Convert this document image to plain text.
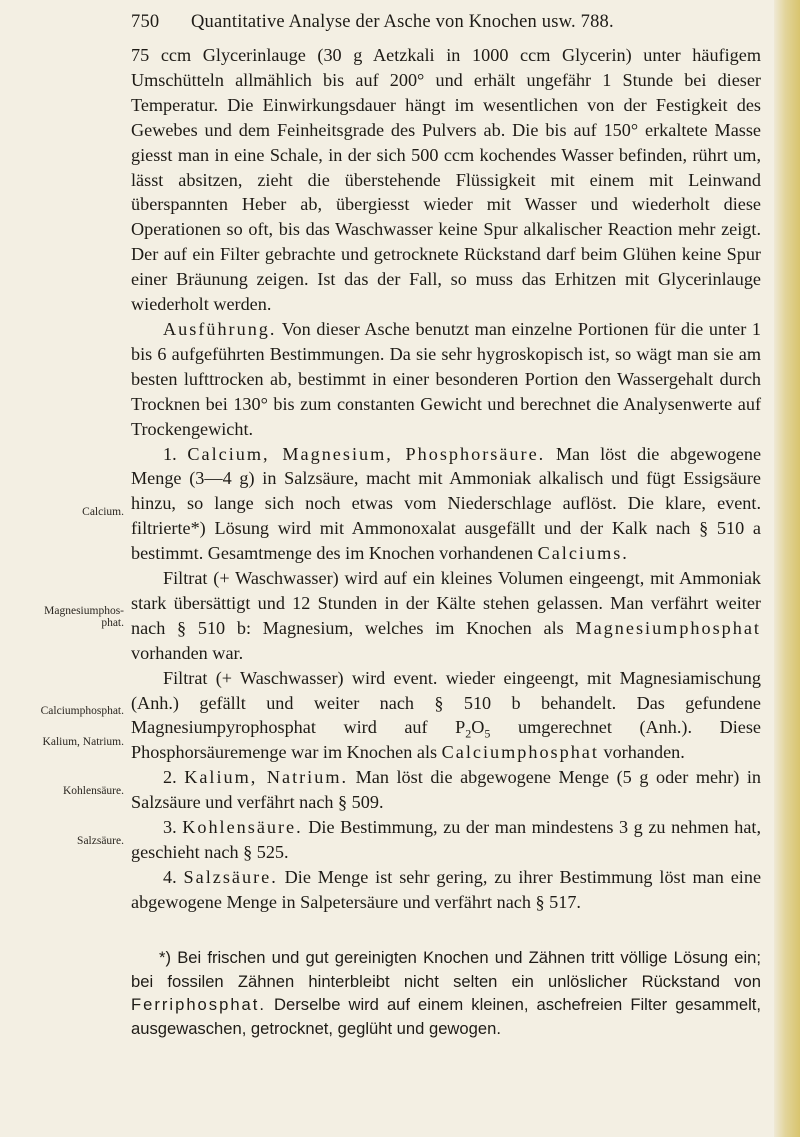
750 Quantitative Analyse der Asche von Knochen usw. 788.

75 ccm Glycerinlauge (30 g Aetzkali in 1000 ccm Glycerin) unter häufigem Umschütteln allmählich bis auf 200° und erhält ungefähr 1 Stunde bei dieser Temperatur. Die Einwirkungsdauer hängt im wesentlichen von der Festigkeit des Gewebes und dem Feinheitsgrade des Pulvers ab. Die bis auf 150° erkaltete Masse giesst man in eine Schale, in der sich 500 ccm kochendes Wasser befinden, rührt um, lässt absitzen, zieht die überstehende Flüssigkeit mit einem mit Leinwand überspannten Heber ab, übergiesst wieder mit Wasser und wiederholt diese Operationen so oft, bis das Waschwasser keine Spur alkalischer Reaction mehr zeigt. Der auf ein Filter gebrachte und getrocknete Rückstand darf beim Glühen keine Spur einer Bräunung zeigen. Ist das der Fall, so muss das Erhitzen mit Glycerinlauge wiederholt werden.

Ausführung. Von dieser Asche benutzt man einzelne Portionen für die unter 1 bis 6 aufgeführten Bestimmungen. Da sie sehr hygroskopisch ist, so wägt man sie am besten lufttrocken ab, bestimmt in einer besonderen Portion den Wassergehalt durch Trocknen bei 130° bis zum constanten Gewicht und berechnet die Analysenwerte auf Trockengewicht.

1. Calcium, Magnesium, Phosphorsäure. Man löst die abgewogene Menge (3—4 g) in Salzsäure, macht mit Ammoniak alkalisch und fügt Essigsäure hinzu, so lange sich noch etwas vom Niederschlage auflöst. Die klare, event. filtrierte*) Lösung wird mit Ammonoxalat ausgefällt und der Kalk nach § 510 a bestimmt. Gesamtmenge des im Knochen vorhandenen Calciums.

Filtrat (+ Waschwasser) wird auf ein kleines Volumen eingeengt, mit Ammoniak stark übersättigt und 12 Stunden in der Kälte stehen gelassen. Man verfährt weiter nach § 510 b: Magnesium, welches im Knochen als Magnesiumphosphat vorhanden war.

Filtrat (+ Waschwasser) wird event. wieder eingeengt, mit Magnesiamischung (Anh.) gefällt und weiter nach § 510 b behandelt. Das gefundene Magnesiumpyrophosphat wird auf $P_2O_5$ umgerechnet (Anh.). Diese Phosphorsäuremenge war im Knochen als Calciumphosphat vorhanden.

2. Kalium, Natrium. Man löst die abgewogene Menge (5 g oder mehr) in Salzsäure und verfährt nach § 509.

3. Kohlensäure. Die Bestimmung, zu der man mindestens 3 g zu nehmen hat, geschieht nach § 525.

4. Salzsäure. Die Menge ist sehr gering, zu ihrer Bestimmung löst man eine abgewogene Menge in Salpetersäure und verfährt nach § 517.

Calcium.
Magnesiumphos-
phat.
Calciumphosphat.
Kalium, Natrium.
Kohlensäure.
Salzsäure.

*) Bei frischen und gut gereinigten Knochen und Zähnen tritt völlige Lösung ein; bei fossilen Zähnen hinterbleibt nicht selten ein unlöslicher Rückstand von Ferriphosphat. Derselbe wird auf einem kleinen, aschefreien Filter gesammelt, ausgewaschen, getrocknet, geglüht und gewogen.
